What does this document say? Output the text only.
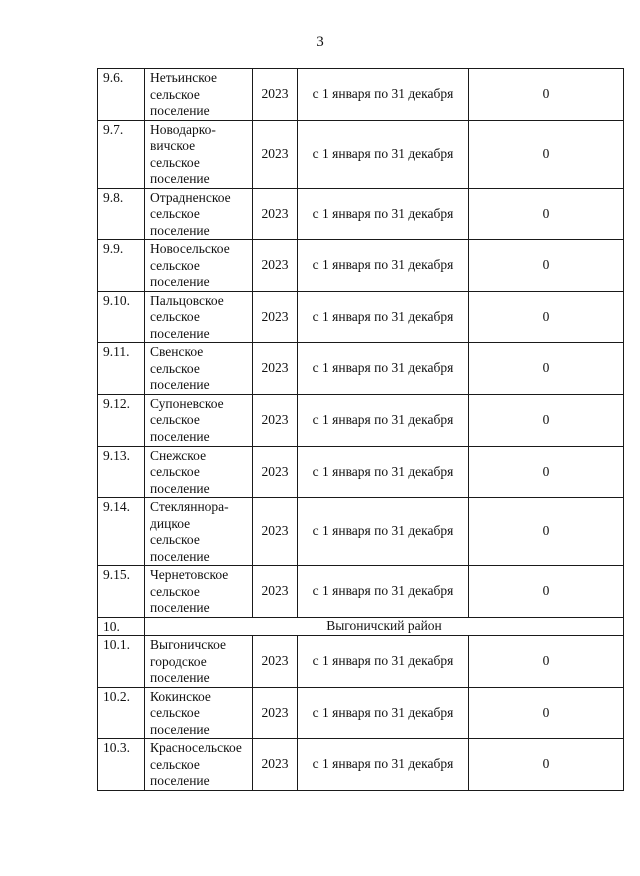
3
9.6.	Нетьинское
сельское
поселение	2023	с 1 января по 31 декабря	0
9.7.	Новодарко-
вичское
сельское
поселение	2023	с 1 января по 31 декабря	0
9.8.	Отрадненское
сельское
поселение	2023	с 1 января по 31 декабря	0
9.9.	Новосельское
сельское
поселение	2023	с 1 января по 31 декабря	0
9.10.	Пальцовское
сельское
поселение	2023	с 1 января по 31 декабря	0
9.11.	Свенское
сельское
поселение	2023	с 1 января по 31 декабря	0
9.12.	Супоневское
сельское
поселение	2023	с 1 января по 31 декабря	0
9.13.	Снежское
сельское
поселение	2023	с 1 января по 31 декабря	0
9.14.	Стекляннора-
дицкое
сельское
поселение	2023	с 1 января по 31 декабря	0
9.15.	Чернетовское
сельское
поселение	2023	с 1 января по 31 декабря	0
10.	Выгоничский район			
10.1.	Выгоничское
городское
поселение	2023	с 1 января по 31 декабря	0
10.2.	Кокинское
сельское
поселение	2023	с 1 января по 31 декабря	0
10.3.	Красносельское
сельское
поселение	2023	с 1 января по 31 декабря	0
